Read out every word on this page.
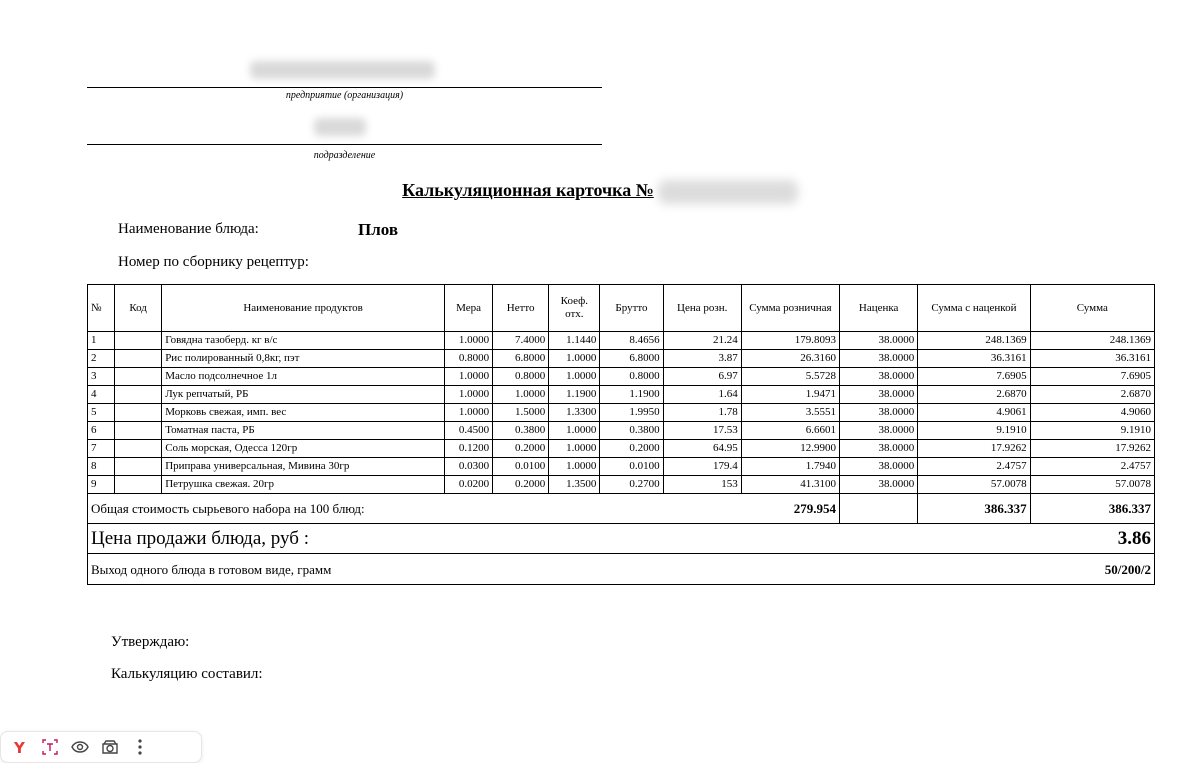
предприятие (организация)
подразделение
Калькуляционная карточка №
Наименование блюда:	Плов
Номер по сборнику рецептур:
№	Код	Наименование продуктов	Мера	Нетто	Коеф. отх.	Брутто	Цена розн.	Сумма розничная	Наценка	Сумма с наценкой	Сумма
1		Говядна тазоберд. кг в/с	1.0000	7.4000	1.1440	8.4656	21.24	179.8093	38.0000	248.1369	248.1369
2		Рис полированный 0,8кг, пэт	0.8000	6.8000	1.0000	6.8000	3.87	26.3160	38.0000	36.3161	36.3161
3		Масло подсолнечное 1л	1.0000	0.8000	1.0000	0.8000	6.97	5.5728	38.0000	7.6905	7.6905
4		Лук репчатый, РБ	1.0000	1.0000	1.1900	1.1900	1.64	1.9471	38.0000	2.6870	2.6870
5		Морковь свежая, имп. вес	1.0000	1.5000	1.3300	1.9950	1.78	3.5551	38.0000	4.9061	4.9060
6		Томатная паста, РБ	0.4500	0.3800	1.0000	0.3800	17.53	6.6601	38.0000	9.1910	9.1910
7		Соль морская, Одесса 120гр	0.1200	0.2000	1.0000	0.2000	64.95	12.9900	38.0000	17.9262	17.9262
8		Приправа универсальная, Мивина 30гр	0.0300	0.0100	1.0000	0.0100	179.4	1.7940	38.0000	2.4757	2.4757
9		Петрушка свежая. 20гр	0.0200	0.2000	1.3500	0.2700	153	41.3100	38.0000	57.0078	57.0078
Общая стоимость сырьевого набора на 100 блюд:								279.954		386.337	386.337
Цена продажи блюда, руб :											3.86
Выход одного блюда в готовом виде, грамм											50/200/2
Утверждаю:
Калькуляцию составил:
Y
